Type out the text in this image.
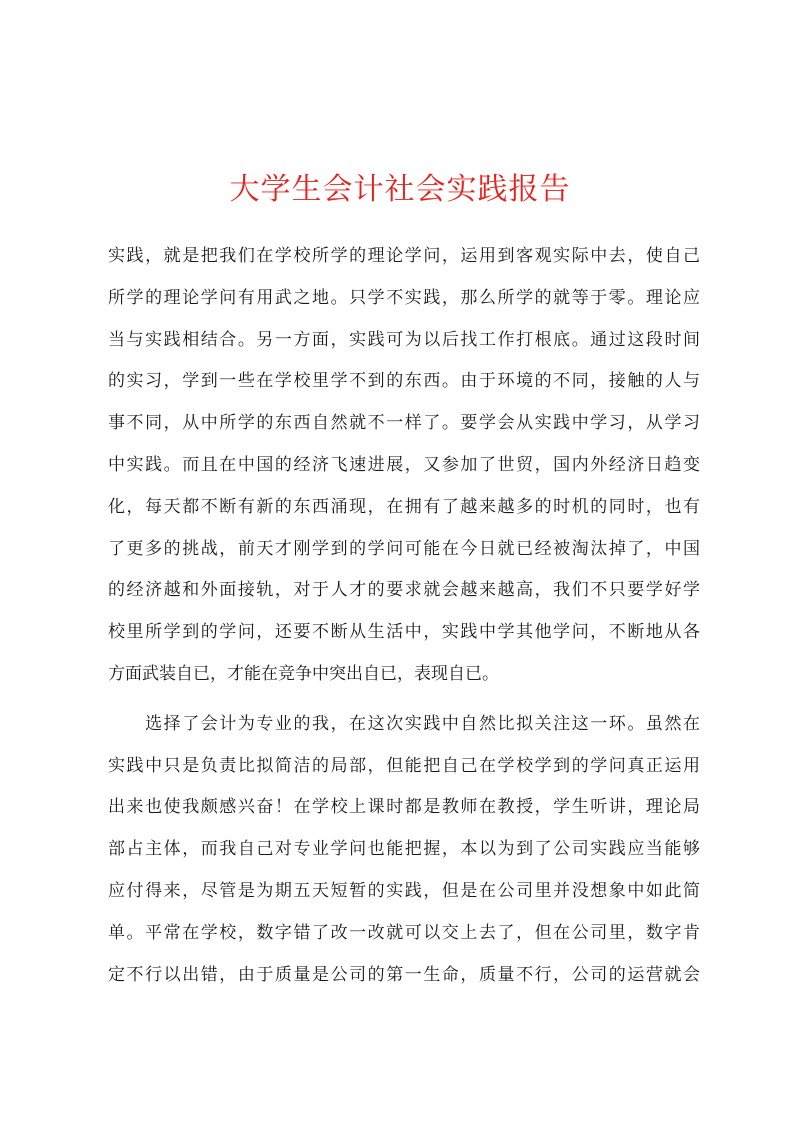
大学生会计社会实践报告
实践，就是把我们在学校所学的理论学问，运用到客观实际中去，使自己
所学的理论学问有用武之地。只学不实践，那么所学的就等于零。理论应
当与实践相结合。另一方面，实践可为以后找工作打根底。通过这段时间
的实习，学到一些在学校里学不到的东西。由于环境的不同，接触的人与
事不同，从中所学的东西自然就不一样了。要学会从实践中学习，从学习
中实践。而且在中国的经济飞速进展，又参加了世贸，国内外经济日趋变
化，每天都不断有新的东西涌现，在拥有了越来越多的时机的同时，也有
了更多的挑战，前天才刚学到的学问可能在今日就已经被淘汰掉了，中国
的经济越和外面接轨，对于人才的要求就会越来越高，我们不只要学好学
校里所学到的学问，还要不断从生活中，实践中学其他学问，不断地从各
方面武装自已，才能在竞争中突出自已，表现自已。
　　选择了会计为专业的我，在这次实践中自然比拟关注这一环。虽然在
实践中只是负责比拟简洁的局部，但能把自己在学校学到的学问真正运用
出来也使我颇感兴奋！在学校上课时都是教师在教授，学生听讲，理论局
部占主体，而我自己对专业学问也能把握，本以为到了公司实践应当能够
应付得来，尽管是为期五天短暂的实践，但是在公司里并没想象中如此简
单。平常在学校，数字错了改一改就可以交上去了，但在公司里，数字肯
定不行以出错，由于质量是公司的第一生命，质量不行，公司的运营就会
